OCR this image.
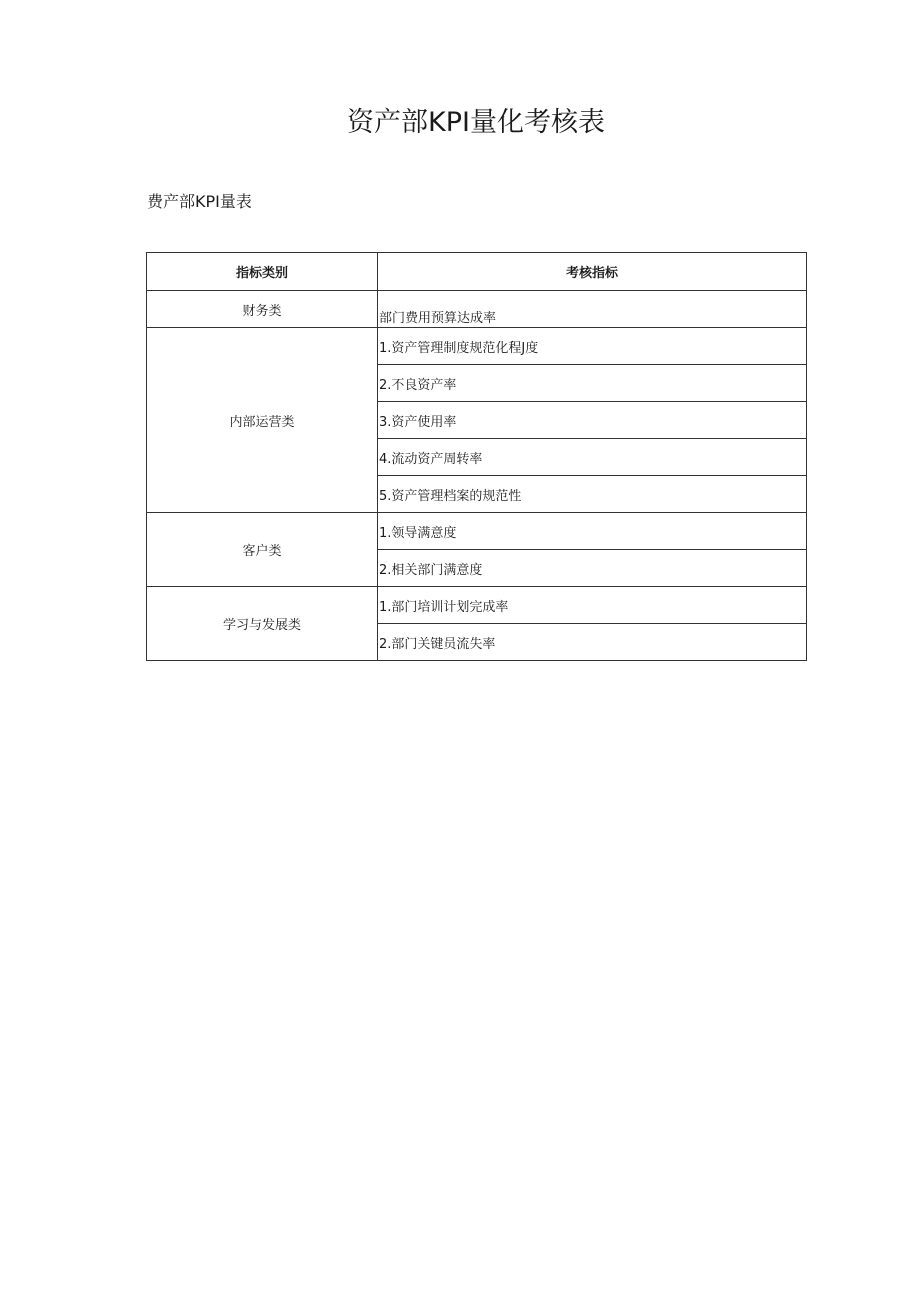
资产部KPI量化考核表

费产部KPI量表

指标类别	考核指标
财务类	部门费用预算达成率
内部运营类	1.资产管理制度规范化程J度
	2.不良资产率
	3.资产使用率
	4.流动资产周转率
	5.资产管理档案的规范性
客户类	1.领导满意度
	2.相关部门满意度
学习与发展类	1.部门培训计划完成率
	2.部门关键员流失率
